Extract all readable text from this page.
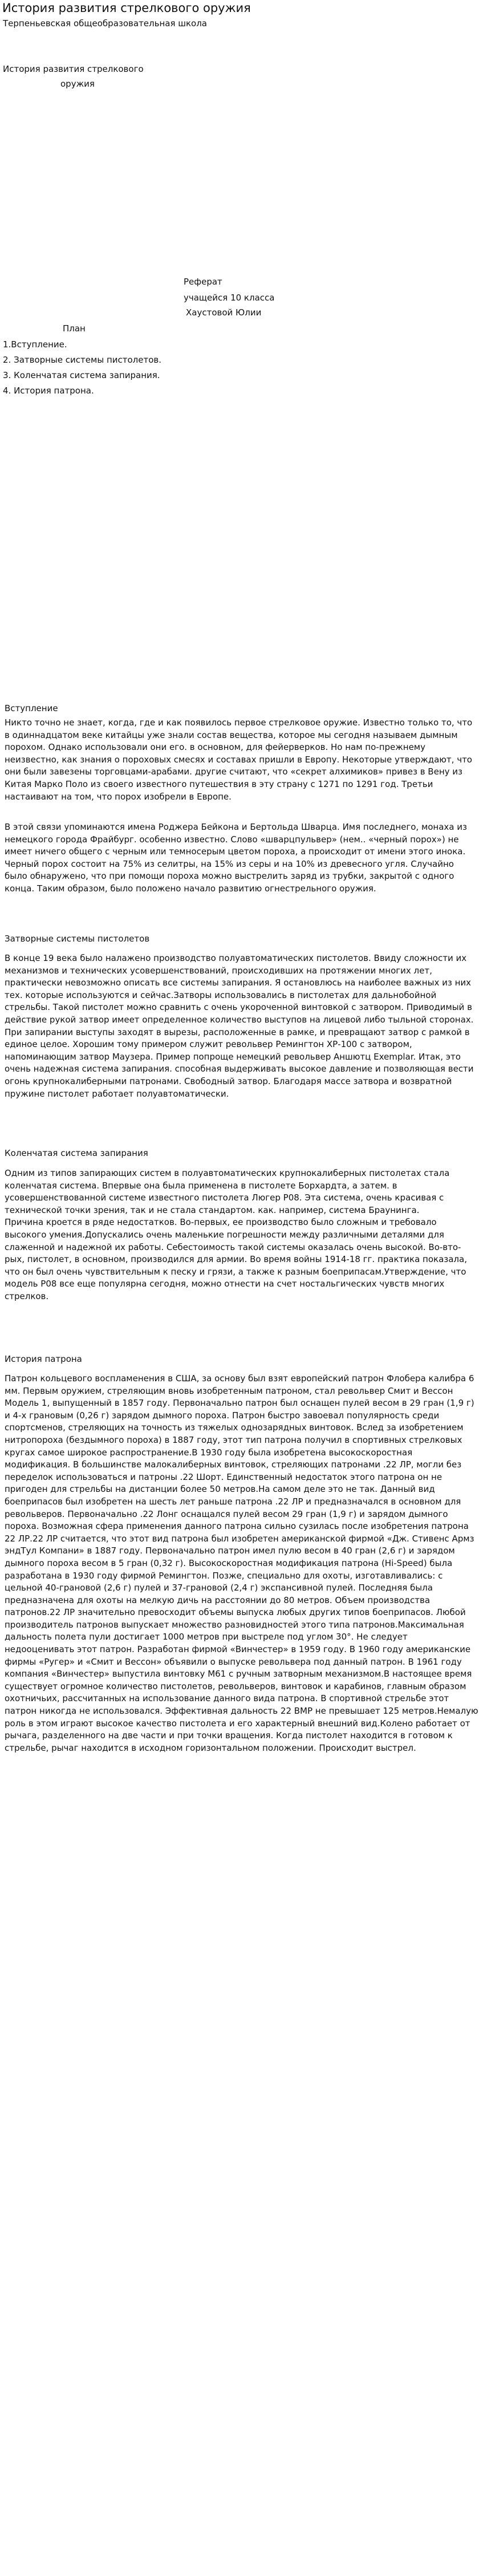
История развития стрелкового оружия
Терпеньевская общеобразовательная школа
История развития стрелкового
оружия
Реферат
учащейся 10 класса
Хаустовой Юлии
План
1.Вступление.
2. Затворные системы пистолетов.
3. Коленчатая система запирания.
4. История патрона.
Вступление

Никто точно не знает, когда, где и как появилось первое стрелковое оружие. Известно только то, что в одиннадцатом веке китайцы уже знали состав вещества, которое мы сегодня называем дымным порохом. Однако использовали они его. в основном, для фейерверков. Но нам по-прежнему неизвестно, как знания о пороховых смесях и составах пришли в Европу. Некоторые утверждают, что они были завезены торговцами-арабами. другие считают, что «секрет алхимиков» привез в Вену из Китая Марко Поло из своего известного путешествия в эту страну с 1271 по 1291 год. Третьи настаивают на том, что порох изобрели в Европе.

В этой связи упоминаются имена Роджера Бейкона и Бертольда Шварца. Имя последнего, монаха из немецкого города Фрайбург. особенно известно. Слово «шварцпульвер» (нем.. «черный порох») не имеет ничего общего с черным или темносерым цветом пороха, а происходит от имени этого инока. Черный порох состоит на 75% из селитры, на 15% из серы и на 10% из древесного угля. Случайно было обнаружено, что при помощи пороха можно выстрелить заряд из трубки, закрытой с одного конца. Таким образом, было положено начало развитию огнестрельного оружия.

Затворные системы пистолетов

В конце 19 века было налажено производство полуавтоматических пистолетов. Ввиду сложности их механизмов и технических усовершенствований, происходивших на протяжении многих лет, практически невозможно описать все системы запирания. Я остановлюсь на наиболее важных из них тех. которые используются и сейчас.Затворы использовались в пистолетах для дальнобойной стрельбы. Такой пистолет можно сравнить с очень укороченной винтовкой с затвором. Приводимый в действие рукой затвор имеет определенное количество выступов на лицевой либо тыльной сторонах. При запирании выступы заходят в вырезы, расположенные в рамке, и превращают затвор с рамкой в единое целое. Хорошим тому примером служит револьвер Ремингтон ХР-100 с затвором, напоминающим затвор Маузера. Пример попроще немецкий револьвер Аншютц Exemplar. Итак, это очень надежная система запирания. способная выдерживать высокое давление и позволяющая вести огонь крупнокалиберными патронами. Свободный затвор. Благодаря массе затвора и возвратной пружине пистолет работает полуавтоматически.

Коленчатая система запирания

Одним из типов запирающих систем в полуавтоматических крупнокалиберных пистолетах стала коленчатая система. Впервые она была применена в пистолете Борхардта, а затем. в усовершенствованной системе известного пистолета Люгер Р08. Эта система, очень красивая с технической точки зрения, так и не стала стандартом. как. например, система Браунинга.
Причина кроется в ряде недостатков. Во-первых, ее производство было сложным и требовало высокого умения.Допускались очень маленькие погрешности между различными деталями для слаженной и надежной их работы. Себестоимость такой системы оказалась очень высокой. Во-вто- рых, пистолет, в основном, производился для армии. Во время войны 1914-18 гг. практика показала, что он был очень чувствительным к песку и грязи, а также к разным боеприпасам.Утверждение, что модель Р08 все еще популярна сегодня, можно отнести на счет ностальгических чувств многих стрелков.

История патрона

Патрон кольцевого воспламенения в США, за основу был взят европейский патрон Флобера калибра 6 мм. Первым оружием, стреляющим вновь изобретенным патроном, стал револьвер Смит и Вессон Модель 1, выпущенный в 1857 году. Первоначально патрон был оснащен пулей весом в 29 гран (1,9 г) и 4-х грановым (0,26 г) зарядом дымного пороха. Патрон быстро завоевал популярность среди спортсменов, стреляющих на точность из тяжелых однозарядных винтовок. Вслед за изобретением нитропороха (бездымного пороха) в 1887 году, этот тип патрона получил в спортивных стрелковых кругах самое широкое распространение.В 1930 году была изобретена высокоскоростная модификация. В большинстве малокалиберных винтовок, стреляющих патронами .22 ЛР, могли без переделок использоваться и патроны .22 Шорт. Единственный недостаток этого патрона он не пригоден для стрельбы на дистанции более 50 метров.На самом деле это не так. Данный вид боеприпасов был изобретен на шесть лет раньше патрона .22 ЛР и предназначался в основном для револьверов. Первоначально .22 Лонг оснащался пулей весом 29 гран (1,9 г) и зарядом дымного пороха. Возможная сфера применения данного патрона сильно сузилась после изобретения патрона 22 ЛР.22 ЛР считается, что этот вид патрона был изобретен американской фирмой «Дж. Стивенс Армз эндТул Компани» в 1887 году. Первоначально патрон имел пулю весом в 40 гран (2,6 г) и зарядом дымного пороха весом в 5 гран (0,32 г). Высокоскоростная модификация патрона (Hi-Speed) была разработана в 1930 году фирмой Ремингтон. Позже, специально для охоты, изготавливались: с цельной 40-грановой (2,6 г) пулей и 37-грановой (2,4 г) экспансивной пулей. Последняя была предназначена для охоты на мелкую дичь на расстоянии до 80 метров. Объем производства патронов.22 ЛР значительно превосходит объемы выпуска любых других типов боеприпасов. Любой производитель патронов выпускает множество разновидностей этого типа патронов.Максимальная дальность полета пули достигает 1000 метров при выстреле под углом 30°. Не следует недооценивать этот патрон. Разработан фирмой «Винчестер» в 1959 году. В 1960 году американские фирмы «Ругер» и «Смит и Вессон» объявили о выпуске револьвера под данный патрон. В 1961 году компания «Винчестер» выпустила винтовку М61 с ручным затворным механизмом.В настоящее время существует огромное количество пистолетов, револьверов, винтовок и карабинов, главным образом охотничьих, рассчитанных на использование данного вида патрона. В спортивной стрельбе этот патрон никогда не использовался. Эффективная дальность 22 ВМР не превышает 125 метров.Немалую роль в этом играют высокое качество пистолета и его характерный внешний вид.Колено работает от рычага, разделенного на две части и при точки вращения. Когда пистолет находится в готовом к стрельбе, рычаг находится в исходном горизонтальном положении. Происходит выстрел.
